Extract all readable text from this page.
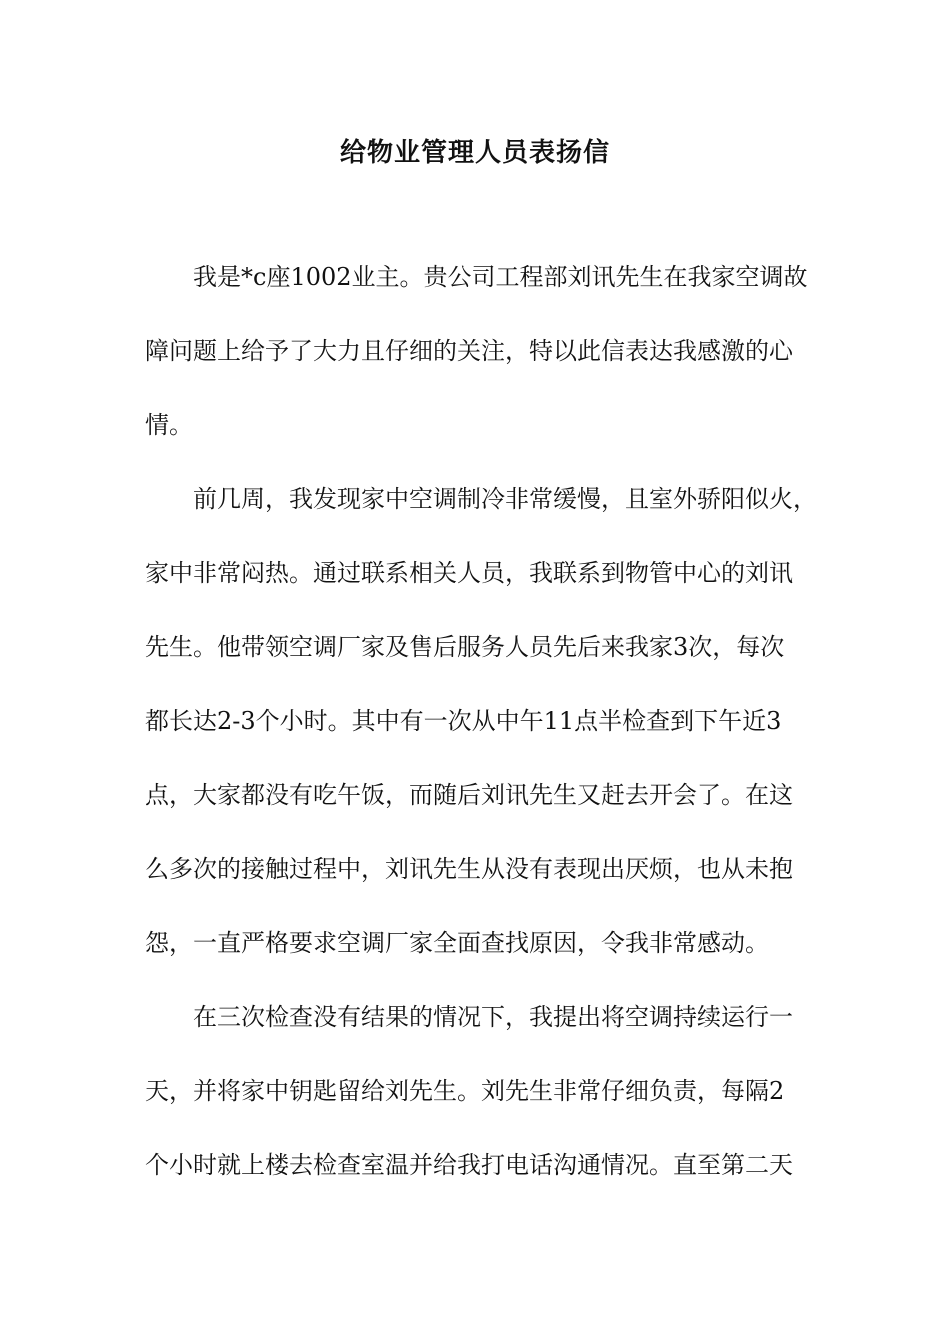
给物业管理人员表扬信
我是*c座1002业主。贵公司工程部刘讯先生在我家空调故
障问题上给予了大力且仔细的关注，特以此信表达我感激的心
情。
前几周，我发现家中空调制冷非常缓慢，且室外骄阳似火，
家中非常闷热。通过联系相关人员，我联系到物管中心的刘讯
先生。他带领空调厂家及售后服务人员先后来我家3次，每次
都长达2-3个小时。其中有一次从中午11点半检查到下午近3
点，大家都没有吃午饭，而随后刘讯先生又赶去开会了。在这
么多次的接触过程中，刘讯先生从没有表现出厌烦，也从未抱
怨，一直严格要求空调厂家全面查找原因，令我非常感动。
在三次检查没有结果的情况下，我提出将空调持续运行一
天，并将家中钥匙留给刘先生。刘先生非常仔细负责，每隔2
个小时就上楼去检查室温并给我打电话沟通情况。直至第二天
